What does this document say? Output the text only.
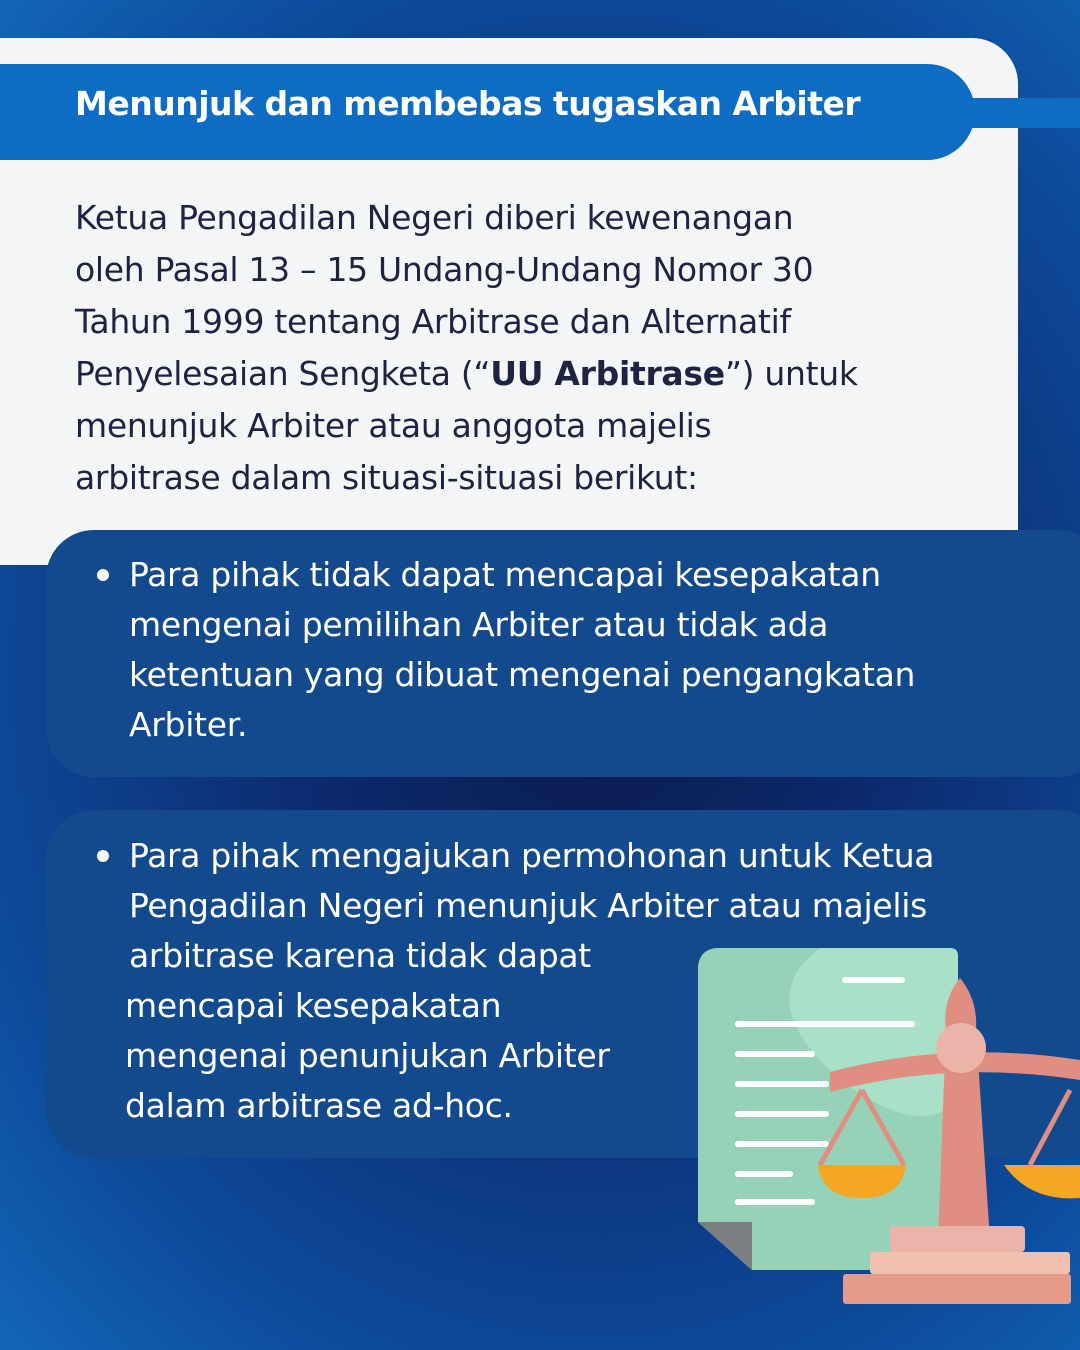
Menunjuk dan membebas tugaskan Arbiter

Ketua Pengadilan Negeri diberi kewenangan
oleh Pasal 13 – 15 Undang-Undang Nomor 30
Tahun 1999 tentang Arbitrase dan Alternatif
Penyelesaian Sengketa (“UU Arbitrase”) untuk
menunjuk Arbiter atau anggota majelis
arbitrase dalam situasi-situasi berikut:

Para pihak tidak dapat mencapai kesepakatan
mengenai pemilihan Arbiter atau tidak ada
ketentuan yang dibuat mengenai pengangkatan
Arbiter.

Para pihak mengajukan permohonan untuk Ketua
Pengadilan Negeri menunjuk Arbiter atau majelis
arbitrase karena tidak dapat
mencapai kesepakatan
mengenai penunjukan Arbiter
dalam arbitrase ad-hoc.
